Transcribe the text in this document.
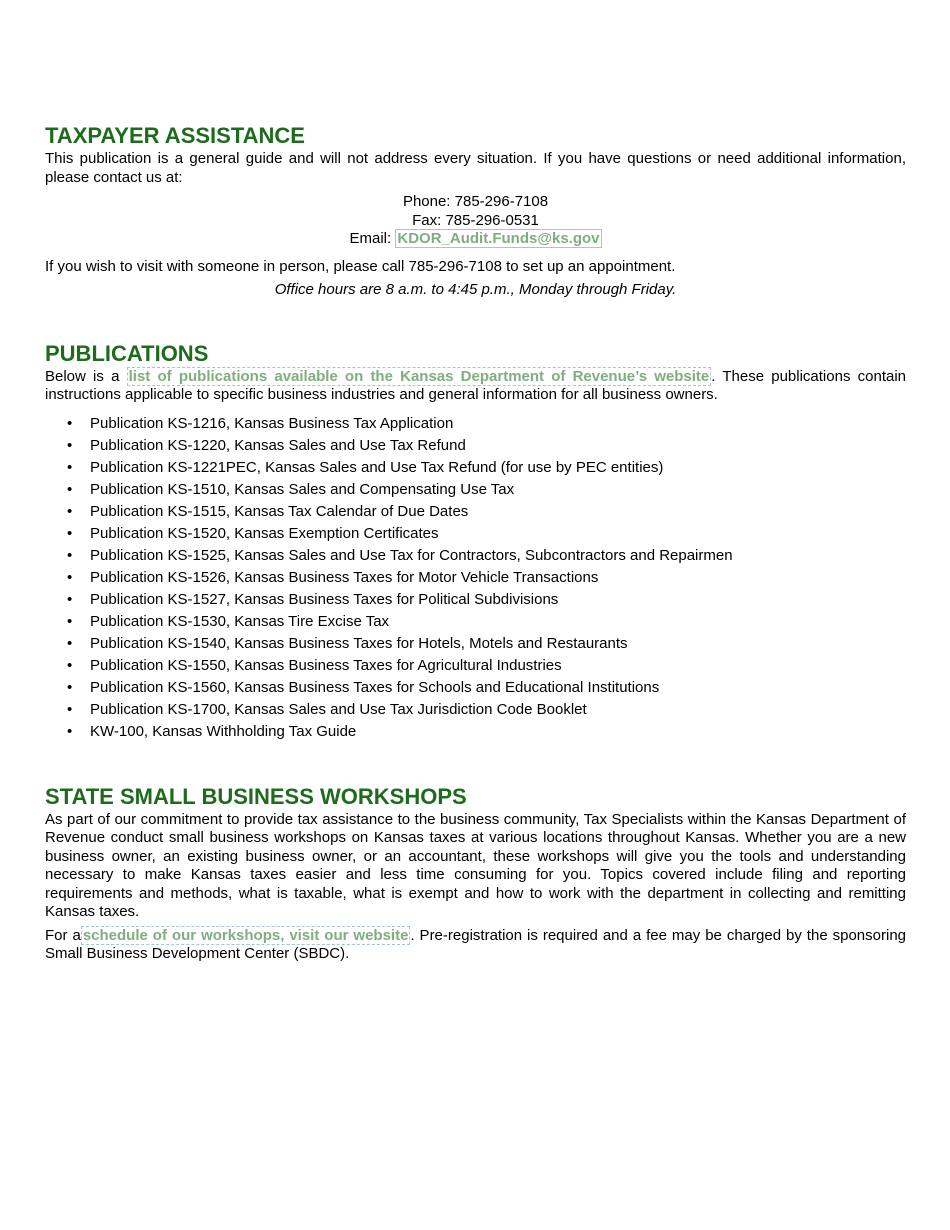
TAXPAYER ASSISTANCE

This publication is a general guide and will not address every situation. If you have questions or need additional information, please contact us at:

Phone: 785-296-7108
Fax: 785-296-0531
Email: KDOR_Audit.Funds@ks.gov

If you wish to visit with someone in person, please call 785-296-7108 to set up an appointment.

Office hours are 8 a.m. to 4:45 p.m., Monday through Friday.

PUBLICATIONS

Below is a list of publications available on the Kansas Department of Revenue’s website . These publications contain instructions applicable to specific business industries and general information for all business owners.

• Publication KS-1216, Kansas Business Tax Application
• Publication KS-1220, Kansas Sales and Use Tax Refund
• Publication KS-1221PEC, Kansas Sales and Use Tax Refund (for use by PEC entities)
• Publication KS-1510, Kansas Sales and Compensating Use Tax
• Publication KS-1515, Kansas Tax Calendar of Due Dates
• Publication KS-1520, Kansas Exemption Certificates
• Publication KS-1525, Kansas Sales and Use Tax for Contractors, Subcontractors and Repairmen
• Publication KS-1526, Kansas Business Taxes for Motor Vehicle Transactions
• Publication KS-1527, Kansas Business Taxes for Political Subdivisions
• Publication KS-1530, Kansas Tire Excise Tax
• Publication KS-1540, Kansas Business Taxes for Hotels, Motels and Restaurants
• Publication KS-1550, Kansas Business Taxes for Agricultural Industries
• Publication KS-1560, Kansas Business Taxes for Schools and Educational Institutions
• Publication KS-1700, Kansas Sales and Use Tax Jurisdiction Code Booklet
• KW-100, Kansas Withholding Tax Guide
STATE SMALL BUSINESS WORKSHOPS

As part of our commitment to provide tax assistance to the business community, Tax Specialists within the Kansas Department of Revenue conduct small business workshops on Kansas taxes at various locations throughout Kansas. Whether you are a new business owner, an existing business owner, or an accountant, these workshops will give you the tools and understanding necessary to make Kansas taxes easier and less time consuming for you. Topics covered include filing and reporting requirements and methods, what is taxable, what is exempt and how to work with the department in collecting and remitting Kansas taxes.

For a schedule of our workshops, visit our website . Pre-registration is required and a fee may be charged by the sponsoring Small Business Development Center (SBDC).
